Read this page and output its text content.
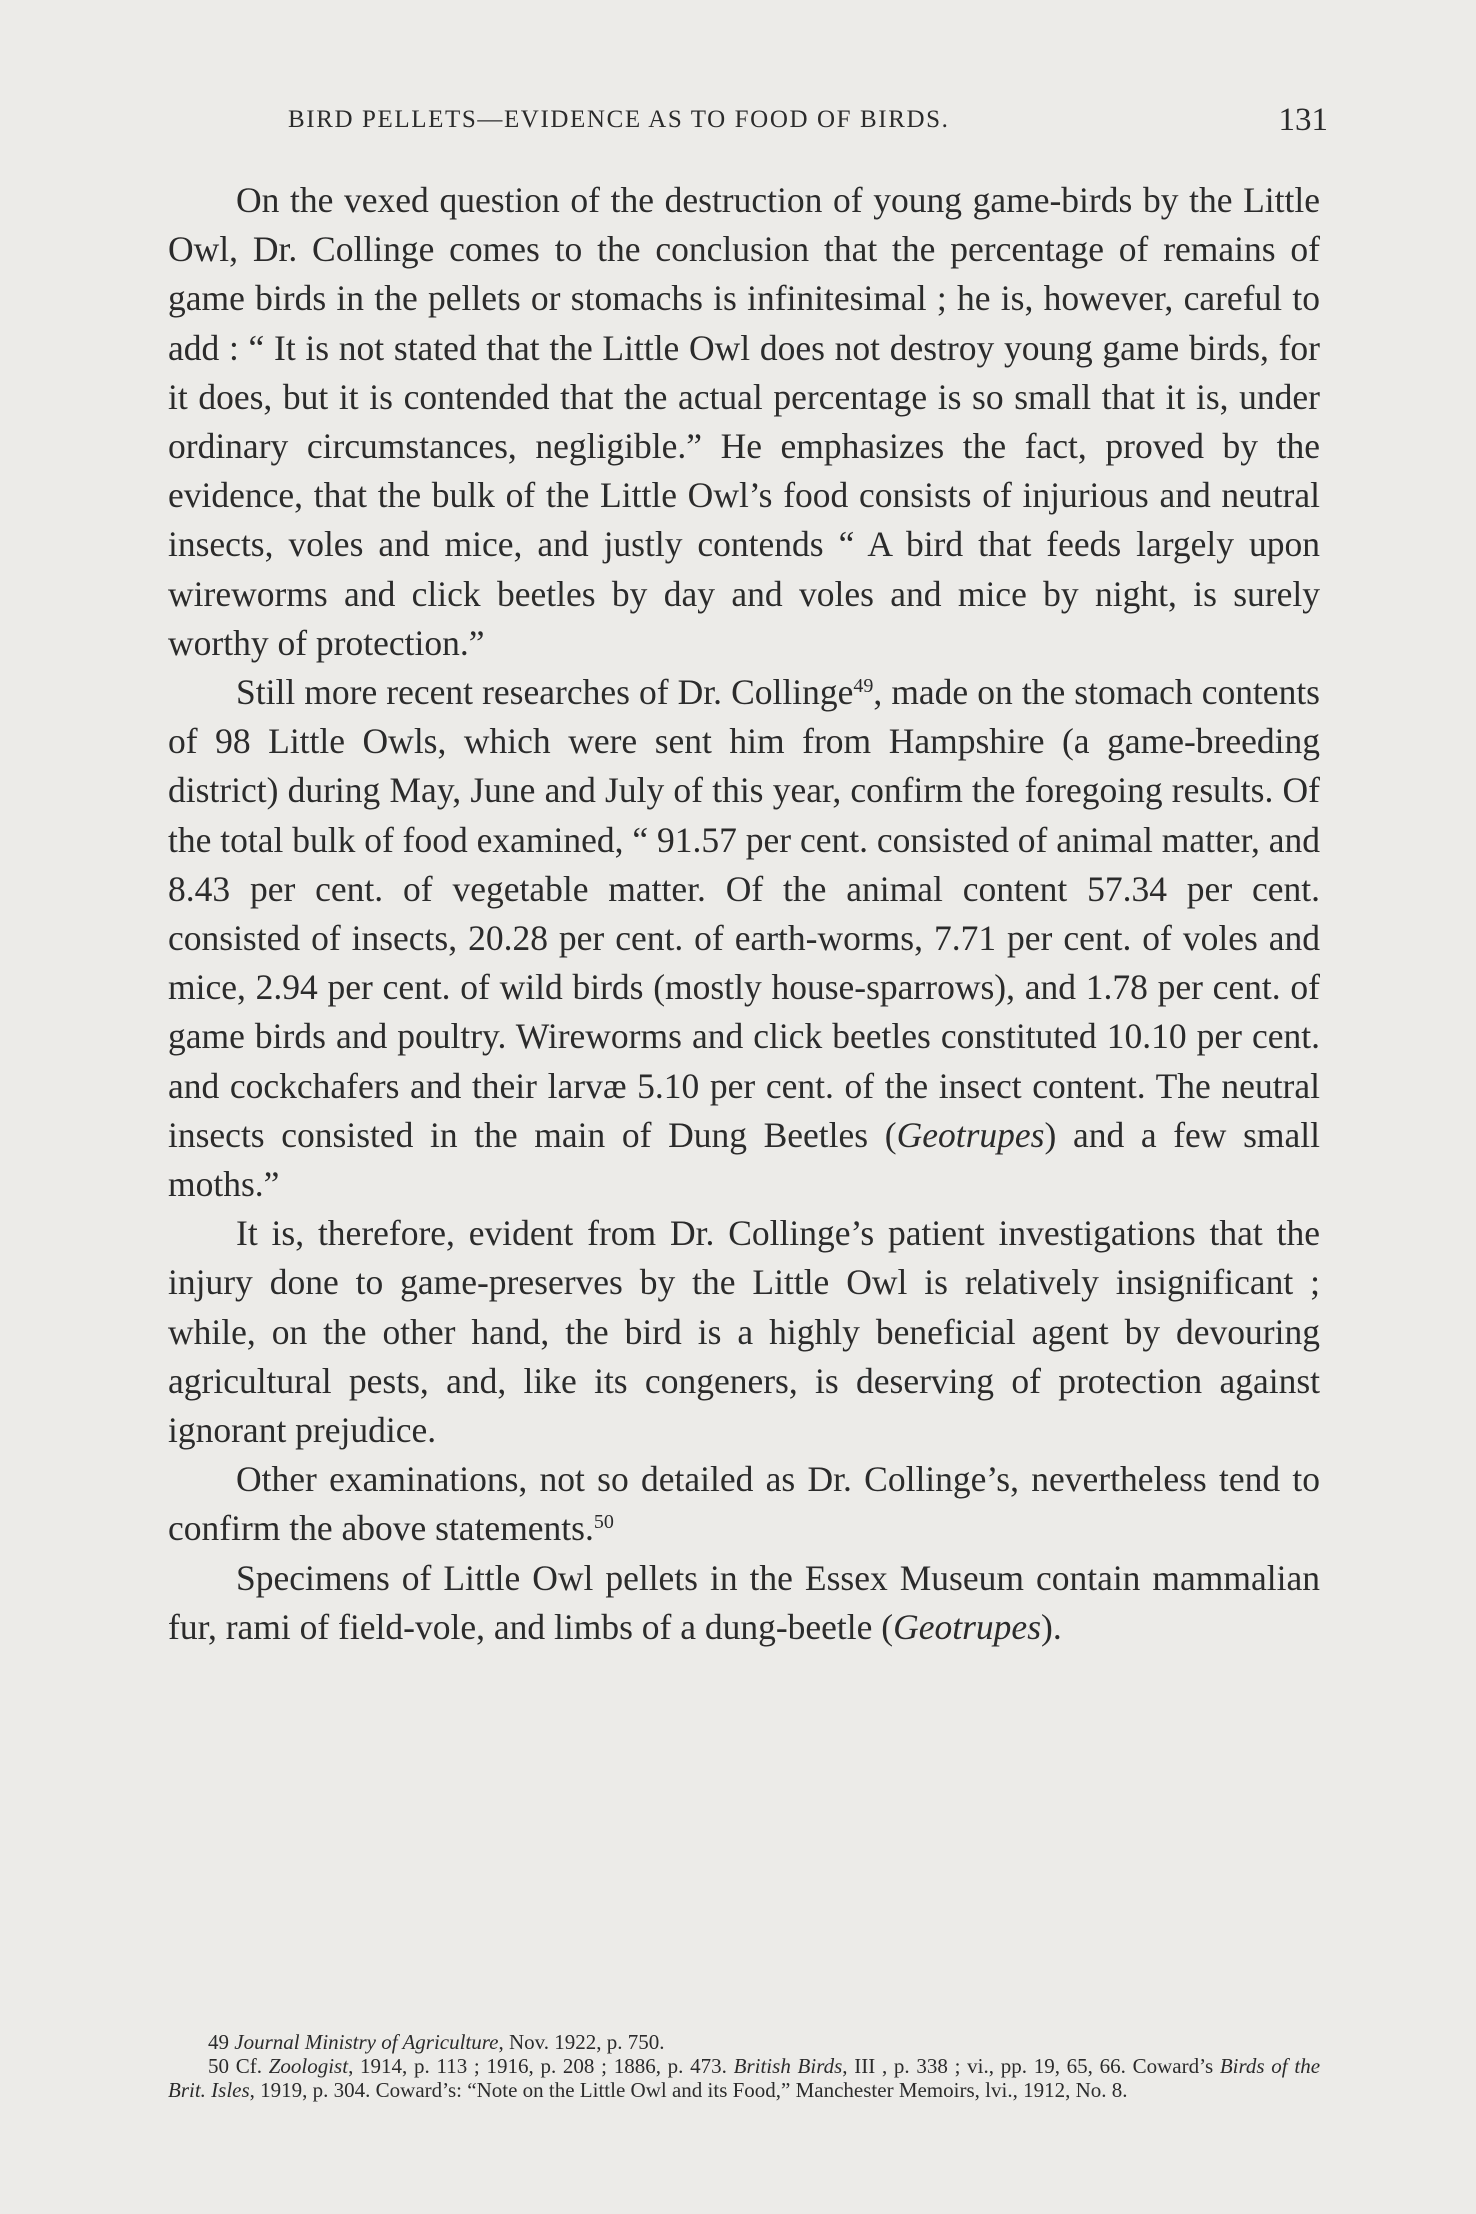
BIRD PELLETS—EVIDENCE AS TO FOOD OF BIRDS.	131

On the vexed question of the destruction of young game-birds by the Little Owl, Dr. Collinge comes to the conclusion that the percentage of remains of game birds in the pellets or stomachs is infinitesimal ; he is, however, careful to add : “ It is not stated that the Little Owl does not destroy young game birds, for it does, but it is contended that the actual percentage is so small that it is, under ordinary circumstances, negligible.” He emphasizes the fact, proved by the evidence, that the bulk of the Little Owl’s food consists of injurious and neutral insects, voles and mice, and justly contends “ A bird that feeds largely upon wireworms and click beetles by day and voles and mice by night, is surely worthy of protection.”

Still more recent researches of Dr. Collinge$^{49}$, made on the stomach contents of 98 Little Owls, which were sent him from Hampshire (a game-breeding district) during May, June and July of this year, confirm the foregoing results. Of the total bulk of food examined, “ 91.57 per cent. consisted of animal matter, and 8.43 per cent. of vegetable matter. Of the animal content 57.34 per cent. consisted of insects, 20.28 per cent. of earth-worms, 7.71 per cent. of voles and mice, 2.94 per cent. of wild birds (mostly house-sparrows), and 1.78 per cent. of game birds and poultry. Wireworms and click beetles constituted 10.10 per cent. and cockchafers and their larvæ 5.10 per cent. of the insect content. The neutral insects consisted in the main of Dung Beetles (Geotrupes) and a few small moths.”

It is, therefore, evident from Dr. Collinge’s patient investigations that the injury done to game-preserves by the Little Owl is relatively insignificant ; while, on the other hand, the bird is a highly beneficial agent by devouring agricultural pests, and, like its congeners, is deserving of protection against ignorant prejudice.

Other examinations, not so detailed as Dr. Collinge’s, nevertheless tend to confirm the above statements.$^{50}$

Specimens of Little Owl pellets in the Essex Museum contain mammalian fur, rami of field-vole, and limbs of a dung-beetle (Geotrupes).

49 Journal Ministry of Agriculture, Nov. 1922, p. 750.

50 Cf. Zoologist, 1914, p. 113 ; 1916, p. 208 ; 1886, p. 473. British Birds, III , p. 338 ; vi., pp. 19, 65, 66. Coward’s Birds of the Brit. Isles, 1919, p. 304. Coward’s: “Note on the Little Owl and its Food,” Manchester Memoirs, lvi., 1912, No. 8.
